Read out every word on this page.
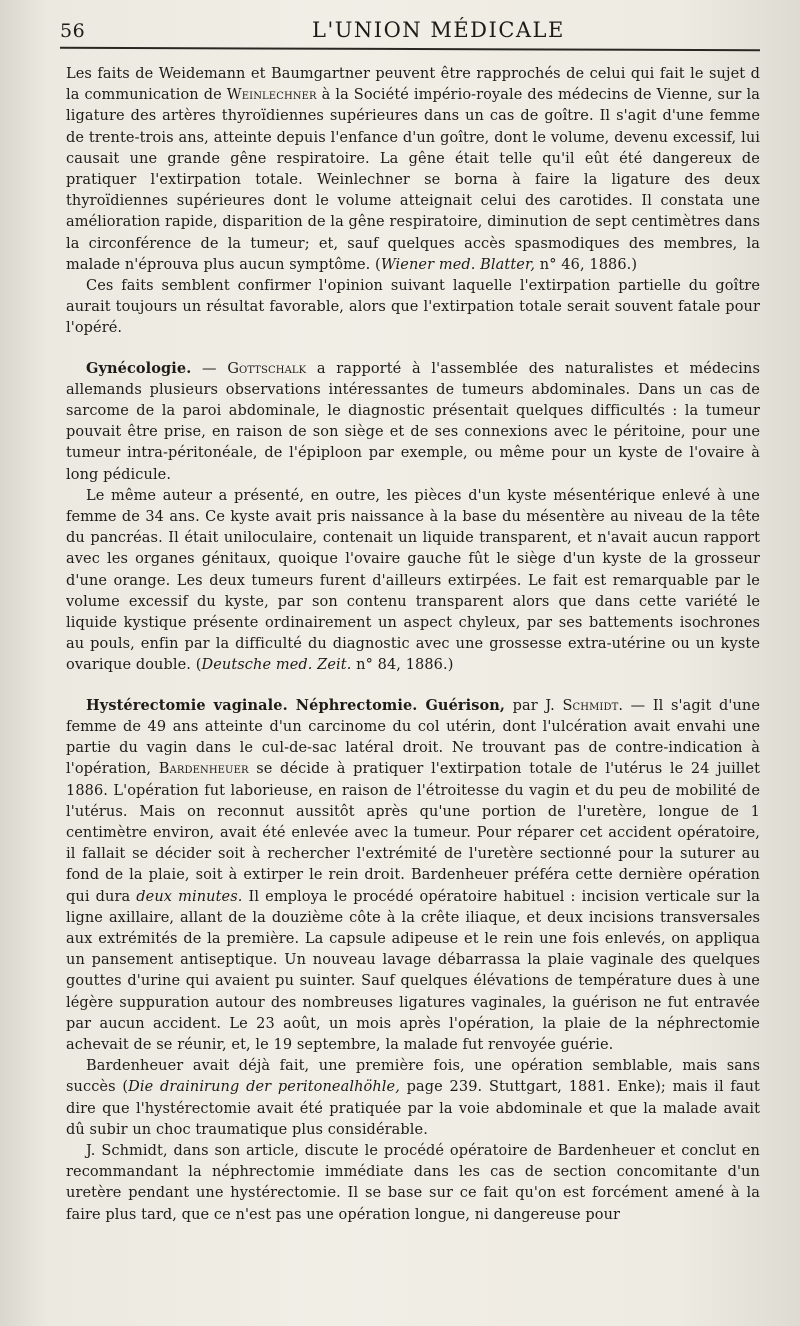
56	L'UNION MÉDICALE

Les faits de Weidemann et Baumgartner peuvent être rapprochés de celui qui fait le sujet d la communication de Weinlechner à la Société império-royale des médecins de Vienne, sur la ligature des artères thyroïdiennes supérieures dans un cas de goître. Il s'agit d'une femme de trente-trois ans, atteinte depuis l'enfance d'un goître, dont le volume, devenu excessif, lui causait une grande gêne respiratoire. La gêne était telle qu'il eût été dangereux de pratiquer l'extirpation totale. Weinlechner se borna à faire la ligature des deux thyroïdiennes supérieures dont le volume atteignait celui des carotides. Il constata une amélioration rapide, disparition de la gêne respiratoire, diminution de sept centimètres dans la circonférence de la tumeur; et, sauf quelques accès spasmodiques des membres, la malade n'éprouva plus aucun symptôme. (Wiener med. Blatter, n° 46, 1886.)

Ces faits semblent confirmer l'opinion suivant laquelle l'extirpation partielle du goître aurait toujours un résultat favorable, alors que l'extirpation totale serait souvent fatale pour l'opéré.

Gynécologie. — Gottschalk a rapporté à l'assemblée des naturalistes et médecins allemands plusieurs observations intéressantes de tumeurs abdominales. Dans un cas de sarcome de la paroi abdominale, le diagnostic présentait quelques difficultés : la tumeur pouvait être prise, en raison de son siège et de ses connexions avec le péritoine, pour une tumeur intra-péritonéale, de l'épiploon par exemple, ou même pour un kyste de l'ovaire à long pédicule.

Le même auteur a présenté, en outre, les pièces d'un kyste mésentérique enlevé à une femme de 34 ans. Ce kyste avait pris naissance à la base du mésentère au niveau de la tête du pancréas. Il était uniloculaire, contenait un liquide transparent, et n'avait aucun rapport avec les organes génitaux, quoique l'ovaire gauche fût le siège d'un kyste de la grosseur d'une orange. Les deux tumeurs furent d'ailleurs extirpées. Le fait est remarquable par le volume excessif du kyste, par son contenu transparent alors que dans cette variété le liquide kystique présente ordinairement un aspect chyleux, par ses battements isochrones au pouls, enfin par la difficulté du diagnostic avec une grossesse extra-utérine ou un kyste ovarique double. (Deutsche med. Zeit. n° 84, 1886.)

Hystérectomie vaginale. Néphrectomie. Guérison, par J. Schmidt. — Il s'agit d'une femme de 49 ans atteinte d'un carcinome du col utérin, dont l'ulcération avait envahi une partie du vagin dans le cul-de-sac latéral droit. Ne trouvant pas de contre-indication à l'opération, Bardenheuer se décide à pratiquer l'extirpation totale de l'utérus le 24 juillet 1886. L'opération fut laborieuse, en raison de l'étroitesse du vagin et du peu de mobilité de l'utérus. Mais on reconnut aussitôt après qu'une portion de l'uretère, longue de 1 centimètre environ, avait été enlevée avec la tumeur. Pour réparer cet accident opératoire, il fallait se décider soit à rechercher l'extrémité de l'uretère sectionné pour la suturer au fond de la plaie, soit à extirper le rein droit. Bardenheuer préféra cette dernière opération qui dura deux minutes. Il employa le procédé opératoire habituel : incision verticale sur la ligne axillaire, allant de la douzième côte à la crête iliaque, et deux incisions transversales aux extrémités de la première. La capsule adipeuse et le rein une fois enlevés, on appliqua un pansement antiseptique. Un nouveau lavage débarrassa la plaie vaginale des quelques gouttes d'urine qui avaient pu suinter. Sauf quelques élévations de température dues à une légère suppuration autour des nombreuses ligatures vaginales, la guérison ne fut entravée par aucun accident. Le 23 août, un mois après l'opération, la plaie de la néphrectomie achevait de se réunir, et, le 19 septembre, la malade fut renvoyée guérie.

Bardenheuer avait déjà fait, une première fois, une opération semblable, mais sans succès (Die drainirung der peritonealhöhle, page 239. Stuttgart, 1881. Enke); mais il faut dire que l'hystérectomie avait été pratiquée par la voie abdominale et que la malade avait dû subir un choc traumatique plus considérable.

J. Schmidt, dans son article, discute le procédé opératoire de Bardenheuer et conclut en recommandant la néphrectomie immédiate dans les cas de section concomitante d'un uretère pendant une hystérectomie. Il se base sur ce fait qu'on est forcément amené à la faire plus tard, que ce n'est pas une opération longue, ni dangereuse pour
